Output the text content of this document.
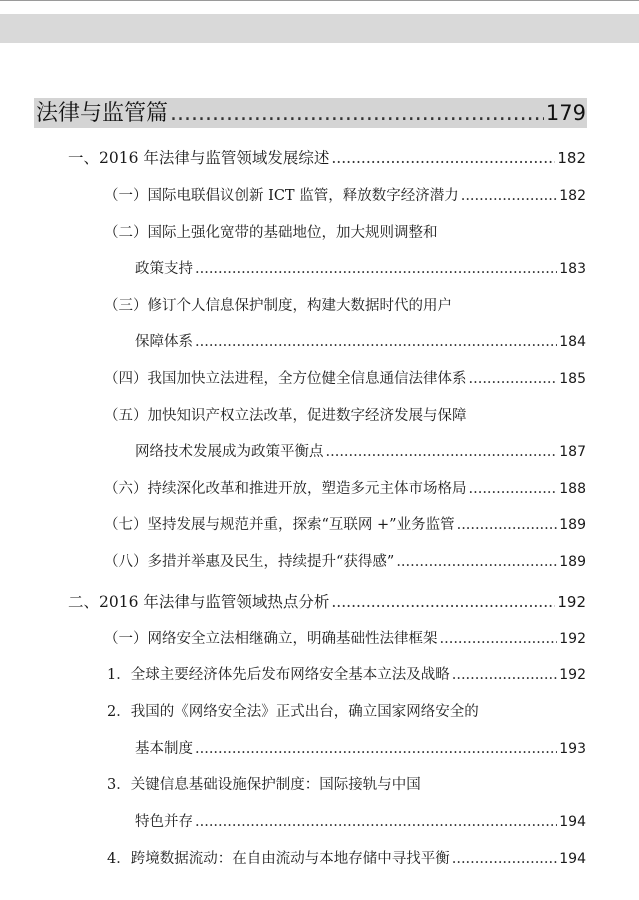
法律与监管篇 .....	179
一、2016 年法律与监管领域发展综述 .....	182
（一）国际电联倡议创新 ICT 监管，释放数字经济潜力 .....	182
（二）国际上强化宽带的基础地位，加大规则调整和
政策支持 .....	183
（三）修订个人信息保护制度，构建大数据时代的用户
保障体系 .....	184
（四）我国加快立法进程，全方位健全信息通信法律体系 .....	185
（五）加快知识产权立法改革，促进数字经济发展与保障
网络技术发展成为政策平衡点 .....	187
（六）持续深化改革和推进开放，塑造多元主体市场格局 .....	188
（七）坚持发展与规范并重，探索“互联网 +”业务监管 .....	189
（八）多措并举惠及民生，持续提升“获得感” .....	189
二、2016 年法律与监管领域热点分析 .....	192
（一）网络安全立法相继确立，明确基础性法律框架 .....	192
1．全球主要经济体先后发布网络安全基本立法及战略 .....	192
2．我国的《网络安全法》正式出台，确立国家网络安全的
基本制度 .....	193
3．关键信息基础设施保护制度：国际接轨与中国
特色并存 .....	194
4．跨境数据流动：在自由流动与本地存储中寻找平衡 .....	194
